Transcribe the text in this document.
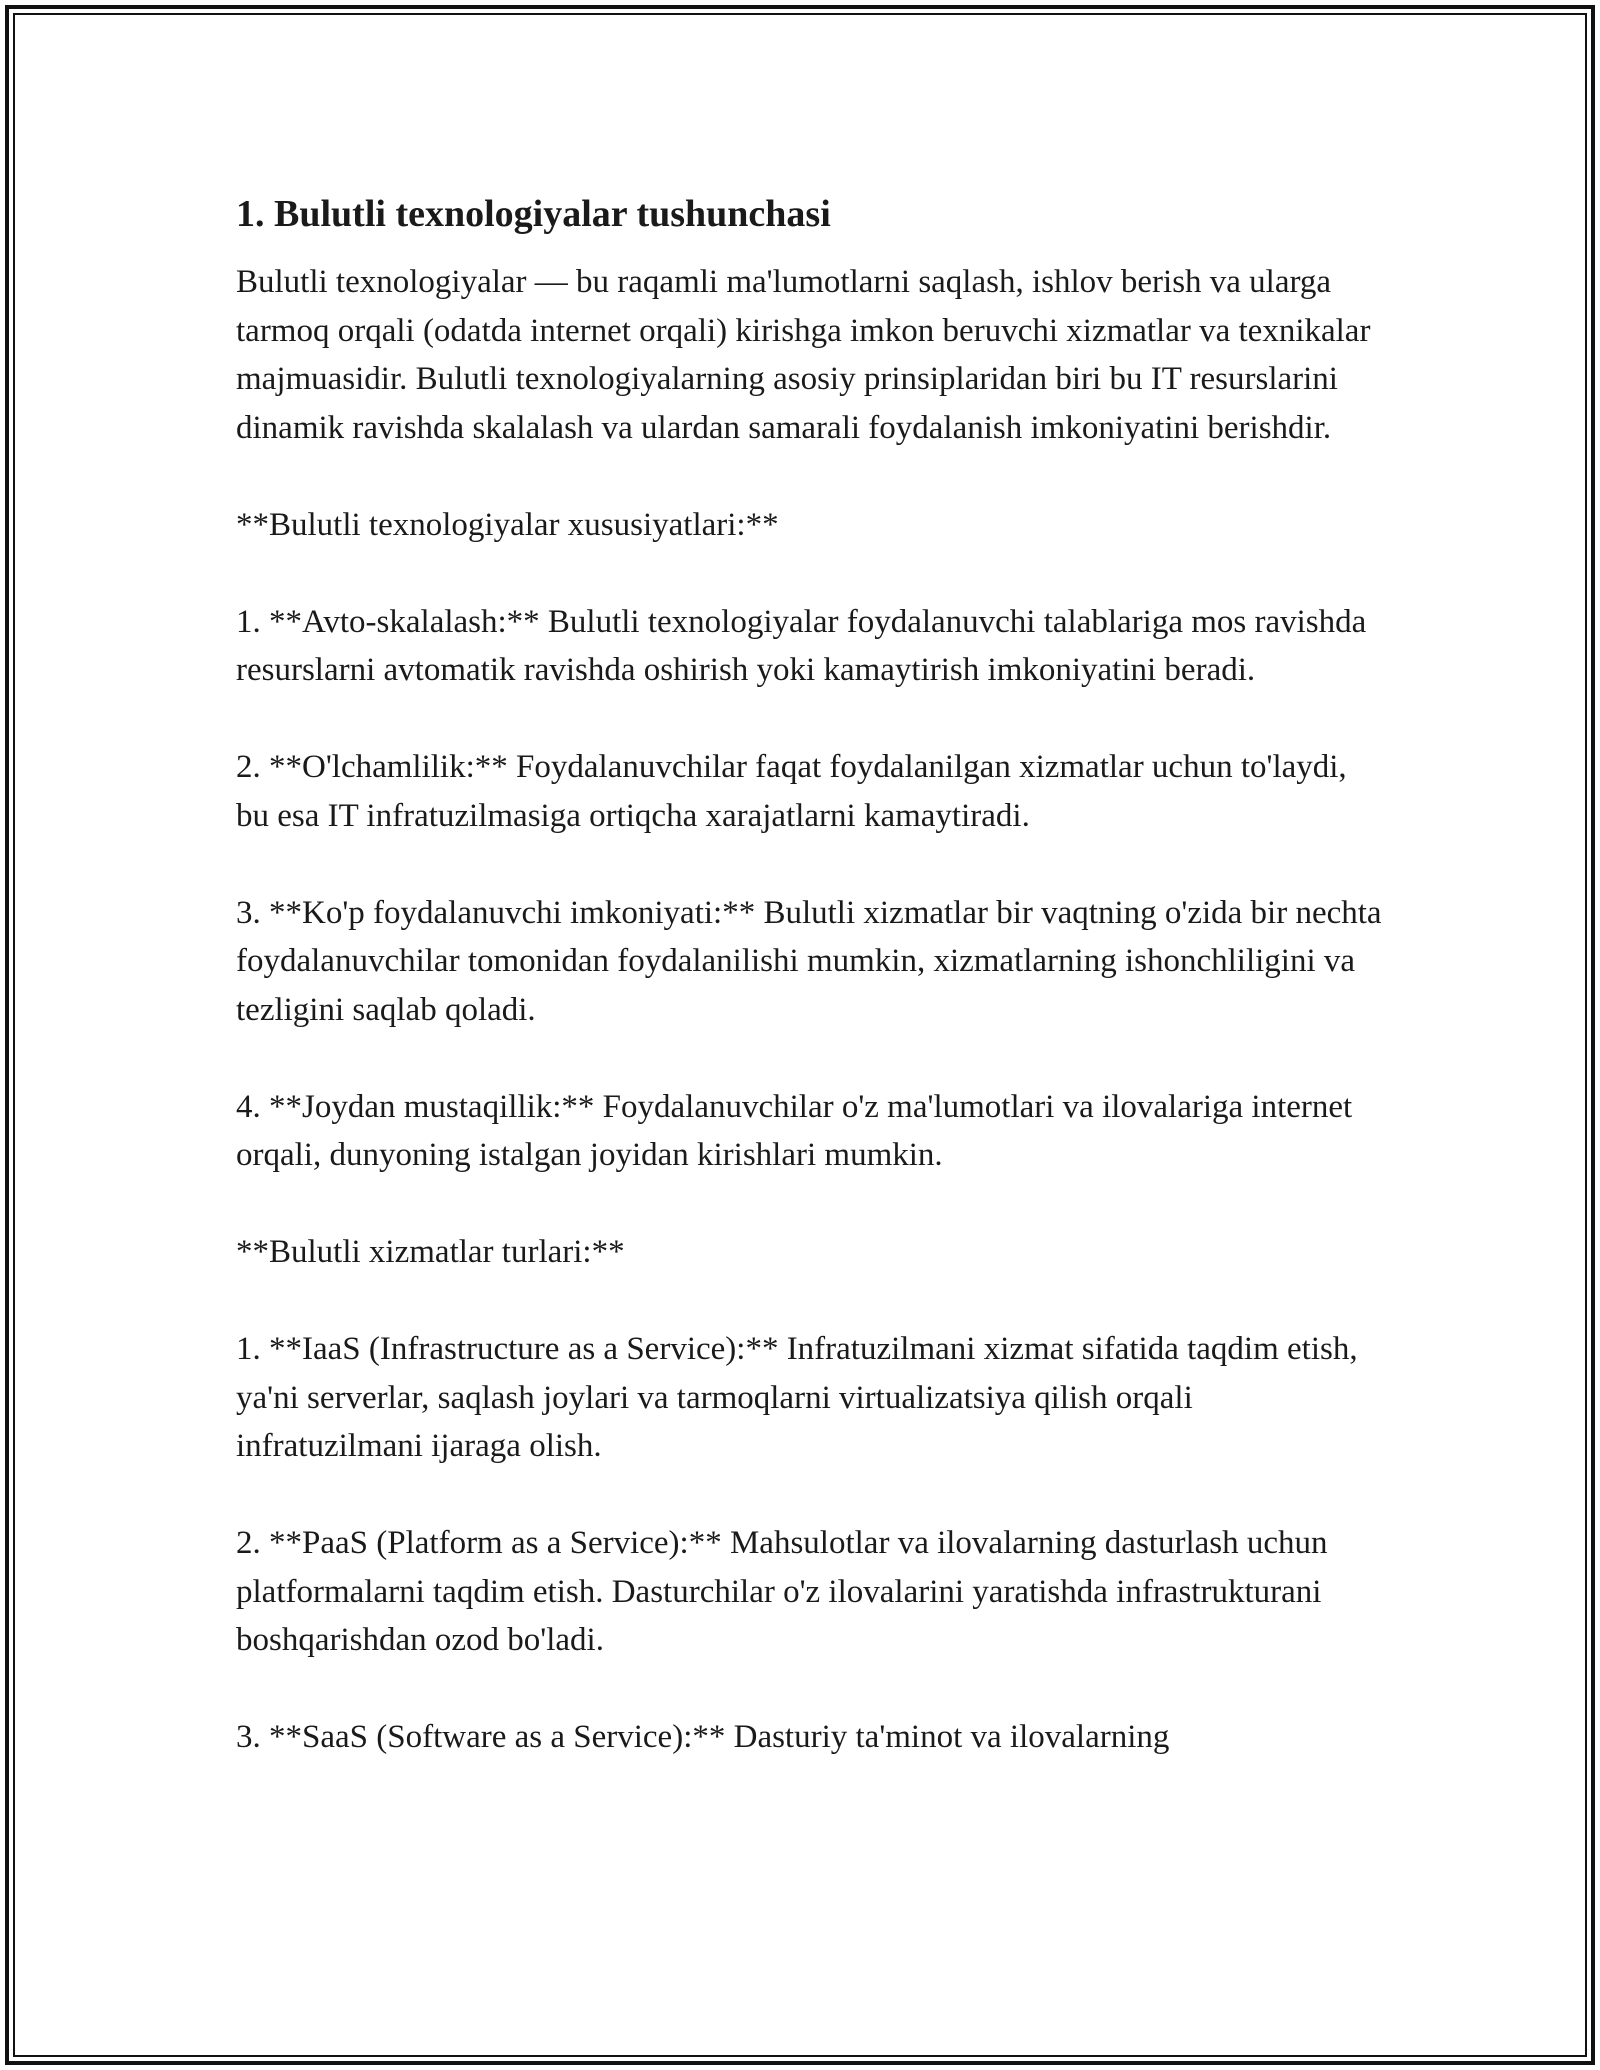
1. Bulutli texnologiyalar tushunchasi

Bulutli texnologiyalar — bu raqamli ma'lumotlarni saqlash, ishlov berish va ularga tarmoq orqali (odatda internet orqali) kirishga imkon beruvchi xizmatlar va texnikalar majmuasidir. Bulutli texnologiyalarning asosiy prinsiplaridan biri bu IT resurslarini dinamik ravishda skalalash va ulardan samarali foydalanish imkoniyatini berishdir.

**Bulutli texnologiyalar xususiyatlari:**

1. **Avto-skalalash:** Bulutli texnologiyalar foydalanuvchi talablariga mos ravishda resurslarni avtomatik ravishda oshirish yoki kamaytirish imkoniyatini beradi.

2. **O'lchamlilik:** Foydalanuvchilar faqat foydalanilgan xizmatlar uchun to'laydi, bu esa IT infratuzilmasiga ortiqcha xarajatlarni kamaytiradi.

3. **Ko'p foydalanuvchi imkoniyati:** Bulutli xizmatlar bir vaqtning o'zida bir nechta foydalanuvchilar tomonidan foydalanilishi mumkin, xizmatlarning ishonchliligini va tezligini saqlab qoladi.

4. **Joydan mustaqillik:** Foydalanuvchilar o'z ma'lumotlari va ilovalariga internet orqali, dunyoning istalgan joyidan kirishlari mumkin.

**Bulutli xizmatlar turlari:**

1. **IaaS (Infrastructure as a Service):** Infratuzilmani xizmat sifatida taqdim etish, ya'ni serverlar, saqlash joylari va tarmoqlarni virtualizatsiya qilish orqali infratuzilmani ijaraga olish.

2. **PaaS (Platform as a Service):** Mahsulotlar va ilovalarning dasturlash uchun platformalarni taqdim etish. Dasturchilar o'z ilovalarini yaratishda infrastrukturani boshqarishdan ozod bo'ladi.

3. **SaaS (Software as a Service):** Dasturiy ta'minot va ilovalarning
